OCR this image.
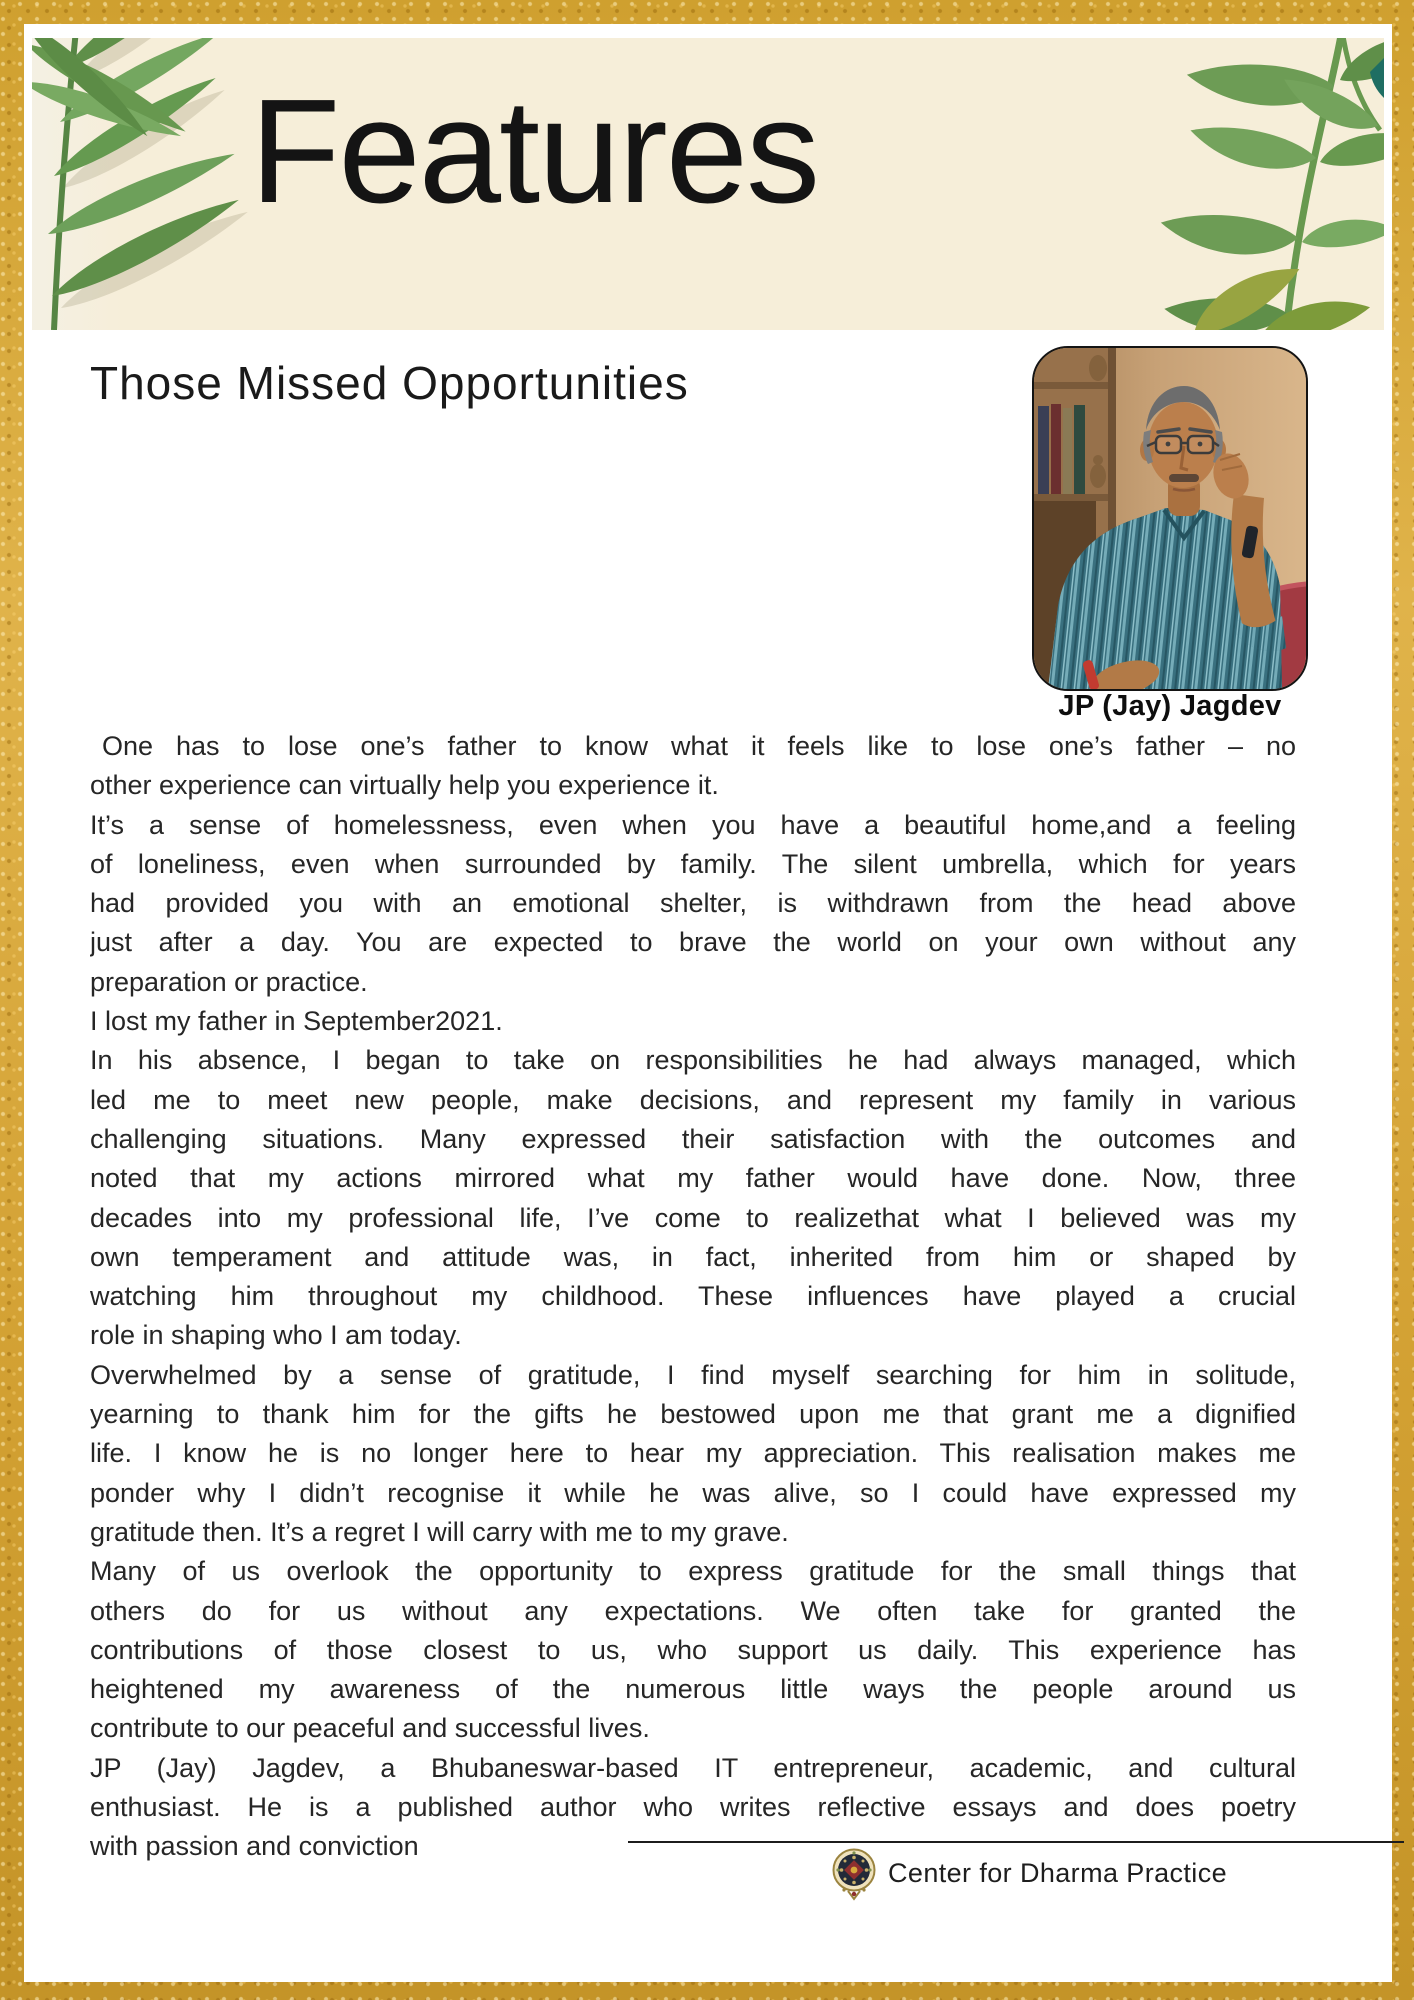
Features
Those Missed Opportunities
JP (Jay) Jagdev
One has to lose one’s father to know what it feels like to lose one’s father – no
other experience can virtually help you experience it.
It’s a sense of homelessness, even when you have a beautiful home,and a feeling
of loneliness, even when surrounded by family. The silent umbrella, which for years
had provided you with an emotional shelter, is withdrawn from the head above
just after a day. You are expected to brave the world on your own without any
preparation or practice.
I lost my father in September2021.
In his absence, I began to take on responsibilities he had always managed, which
led me to meet new people, make decisions, and represent my family in various
challenging situations. Many expressed their satisfaction with the outcomes and
noted that my actions mirrored what my father would have done. Now, three
decades into my professional life, I’ve come to realizethat what I believed was my
own temperament and attitude was, in fact, inherited from him or shaped by
watching him throughout my childhood. These influences have played a crucial
role in shaping who I am today.
Overwhelmed by a sense of gratitude, I find myself searching for him in solitude,
yearning to thank him for the gifts he bestowed upon me that grant me a dignified
life. I know he is no longer here to hear my appreciation. This realisation makes me
ponder why I didn’t recognise it while he was alive, so I could have expressed my
gratitude then. It’s a regret I will carry with me to my grave.
Many of us overlook the opportunity to express gratitude for the small things that
others do for us without any expectations. We often take for granted the
contributions of those closest to us, who support us daily. This experience has
heightened my awareness of the numerous little ways the people around us
contribute to our peaceful and successful lives.
JP (Jay) Jagdev, a Bhubaneswar-based IT entrepreneur, academic, and cultural
enthusiast. He is a published author who writes reflective essays and does poetry
with passion and conviction
Center for Dharma Practice
